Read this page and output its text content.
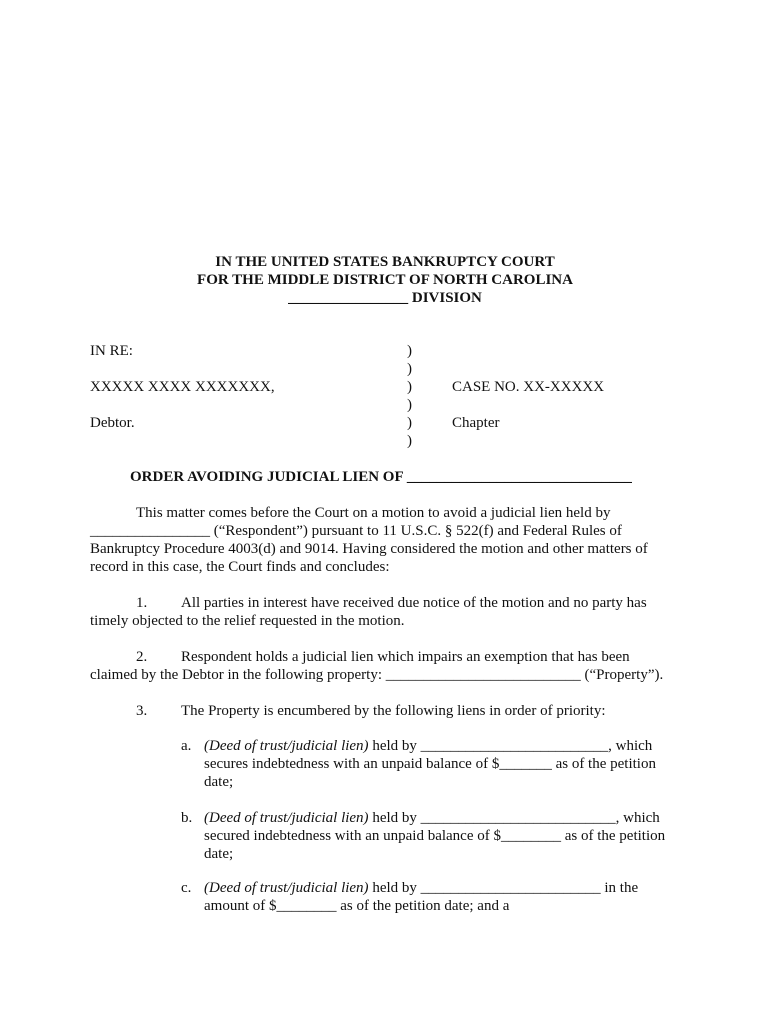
IN THE UNITED STATES BANKRUPTCY COURT
FOR THE MIDDLE DISTRICT OF NORTH CAROLINA
________________ DIVISION
IN RE:
XXXXX XXXX XXXXXXX,
Debtor.
)
)
)
)
)
)
CASE NO. XX-XXXXX
Chapter
ORDER AVOIDING JUDICIAL LIEN OF ______________________________
This matter comes before the Court on a motion to avoid a judicial lien held by
________________ (“Respondent”) pursuant to 11 U.S.C. § 522(f) and Federal Rules of
Bankruptcy Procedure 4003(d) and 9014. Having considered the motion and other matters of
record in this case, the Court finds and concludes:
1. All parties in interest have received due notice of the motion and no party has
timely objected to the relief requested in the motion.
2. Respondent holds a judicial lien which impairs an exemption that has been
claimed by the Debtor in the following property: __________________________ (“Property”).
3. The Property is encumbered by the following liens in order of priority:
a. (Deed of trust/judicial lien) held by _________________________, which
secures indebtedness with an unpaid balance of $_______ as of the petition
date;
b. (Deed of trust/judicial lien) held by __________________________, which
secured indebtedness with an unpaid balance of $________ as of the petition
date;
c. (Deed of trust/judicial lien) held by ________________________ in the
amount of $________ as of the petition date; and a
